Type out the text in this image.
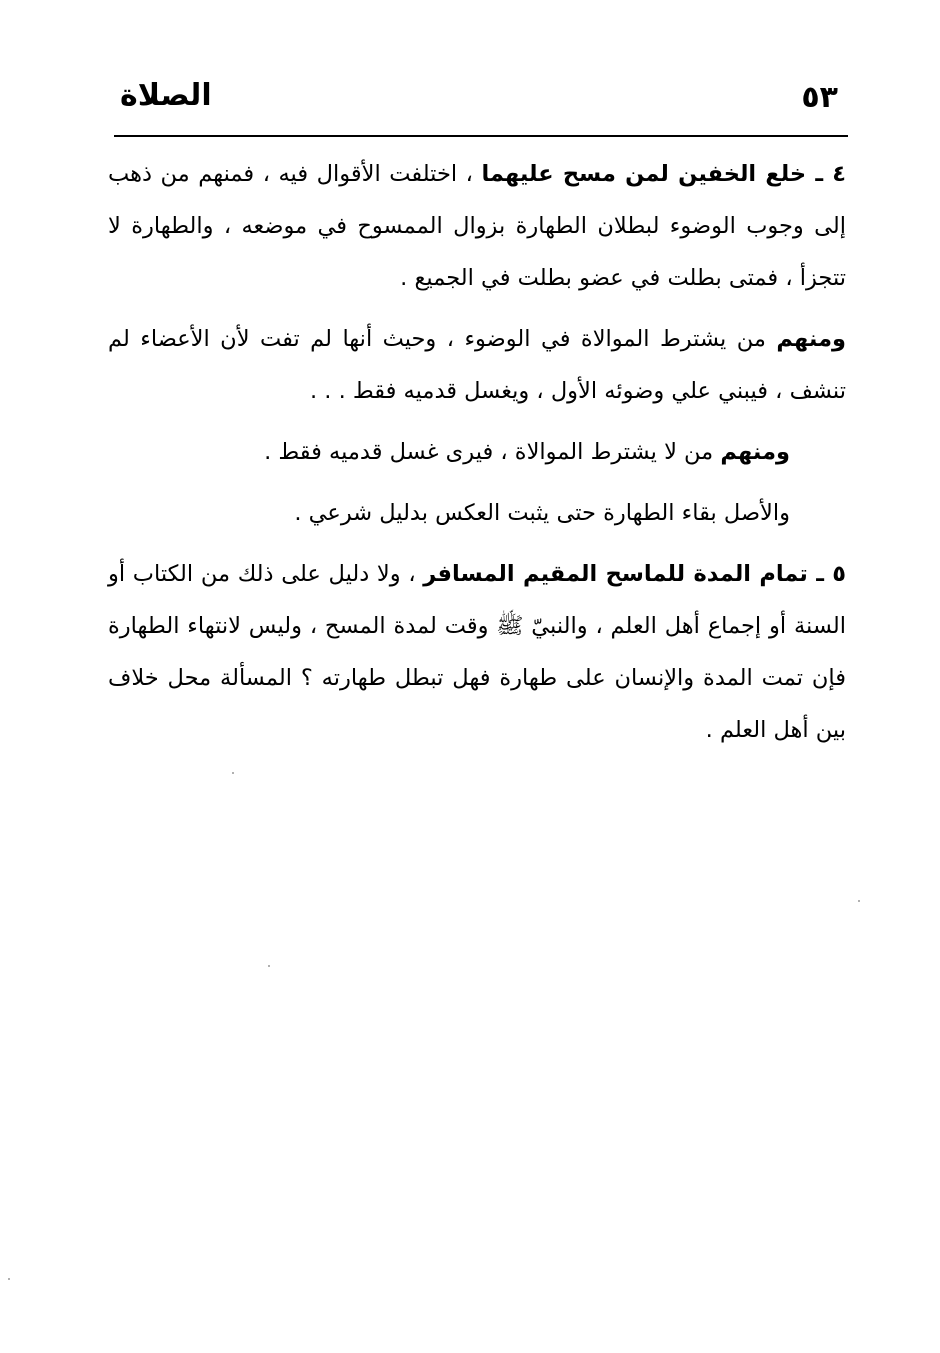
٥٣
الصلاة

٤ ـ خلع الخفين لمن مسح عليهما ، اختلفت الأقوال فيه ، فمنهم من ذهب إلى وجوب الوضوء لبطلان الطهارة بزوال الممسوح في موضعه ، والطهارة لا تتجزأ ، فمتى بطلت في عضو بطلت في الجميع .

ومنهم من يشترط الموالاة في الوضوء ، وحيث أنها لم تفت لأن الأعضاء لم تنشف ، فيبني علي وضوئه الأول ، ويغسل قدميه فقط . . .

ومنهم من لا يشترط الموالاة ، فيرى غسل قدميه فقط .

والأصل بقاء الطهارة حتى يثبت العكس بدليل شرعي .

٥ ـ تمام المدة للماسح المقيم المسافر ، ولا دليل على ذلك من الكتاب أو السنة أو إجماع أهل العلم ، والنبيّ ﷺ وقت لمدة المسح ، وليس لانتهاء الطهارة فإن تمت المدة والإنسان على طهارة فهل تبطل طهارته ؟ المسألة محل خلاف بين أهل العلم .
